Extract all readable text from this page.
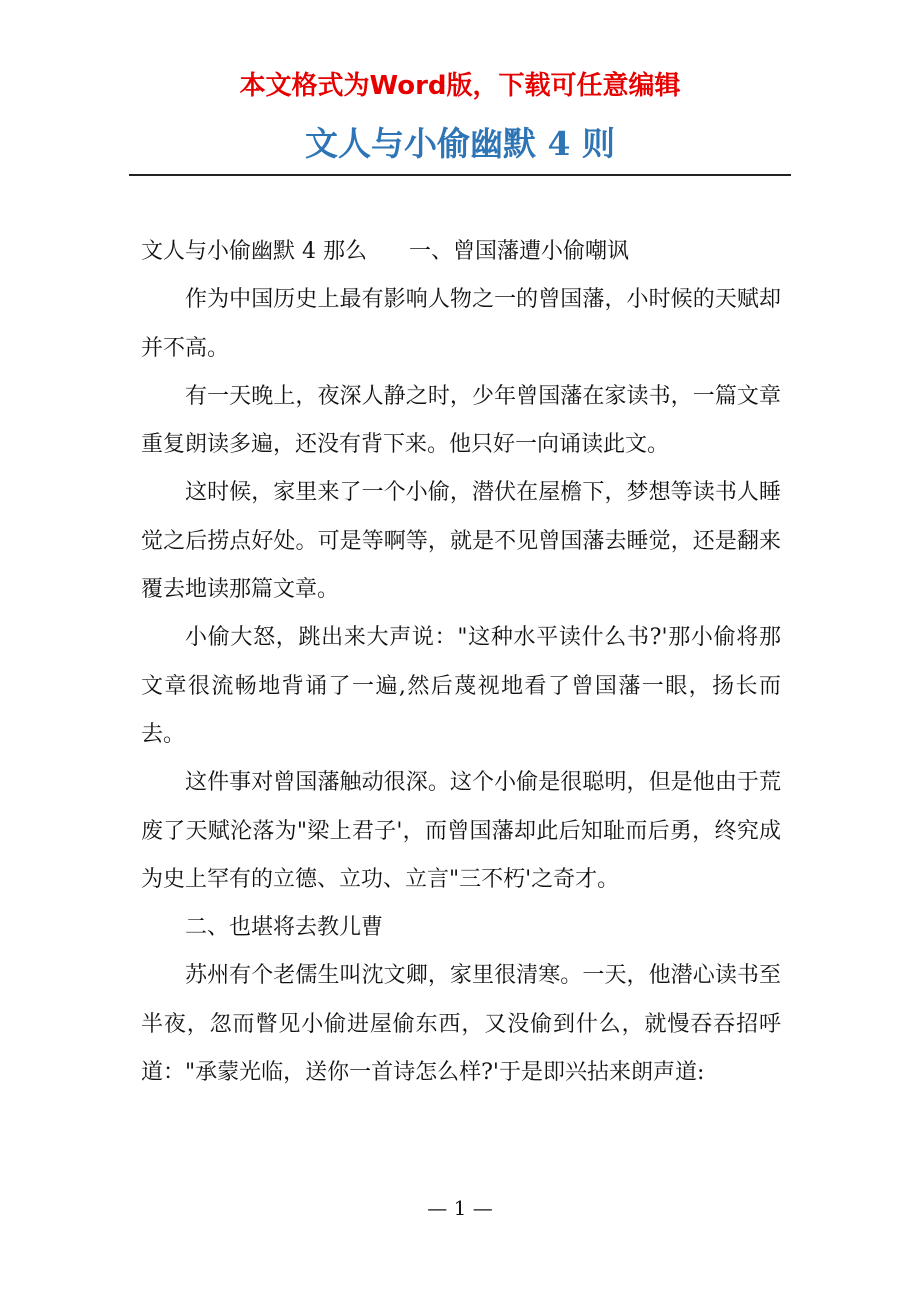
本文格式为Word版，下载可任意编辑
文人与小偷幽默 4 则

文人与小偷幽默 4 那么 一、曾国藩遭小偷嘲讽

作为中国历史上最有影响人物之一的曾国藩，小时候的天赋却并不高。

有一天晚上，夜深人静之时，少年曾国藩在家读书，一篇文章重复朗读多遍，还没有背下来。他只好一向诵读此文。

这时候，家里来了一个小偷，潜伏在屋檐下，梦想等读书人睡觉之后捞点好处。可是等啊等，就是不见曾国藩去睡觉，还是翻来覆去地读那篇文章。

小偷大怒，跳出来大声说："这种水平读什么书?'那小偷将那文章很流畅地背诵了一遍,然后蔑视地看了曾国藩一眼，扬长而去。

这件事对曾国藩触动很深。这个小偷是很聪明，但是他由于荒废了天赋沦落为"梁上君子'，而曾国藩却此后知耻而后勇，终究成为史上罕有的立德、立功、立言"三不朽'之奇才。

二、也堪将去教儿曹

苏州有个老儒生叫沈文卿，家里很清寒。一天，他潜心读书至半夜，忽而瞥见小偷进屋偷东西，又没偷到什么，就慢吞吞招呼道："承蒙光临，送你一首诗怎么样?'于是即兴拈来朗声道:

— 1 —
